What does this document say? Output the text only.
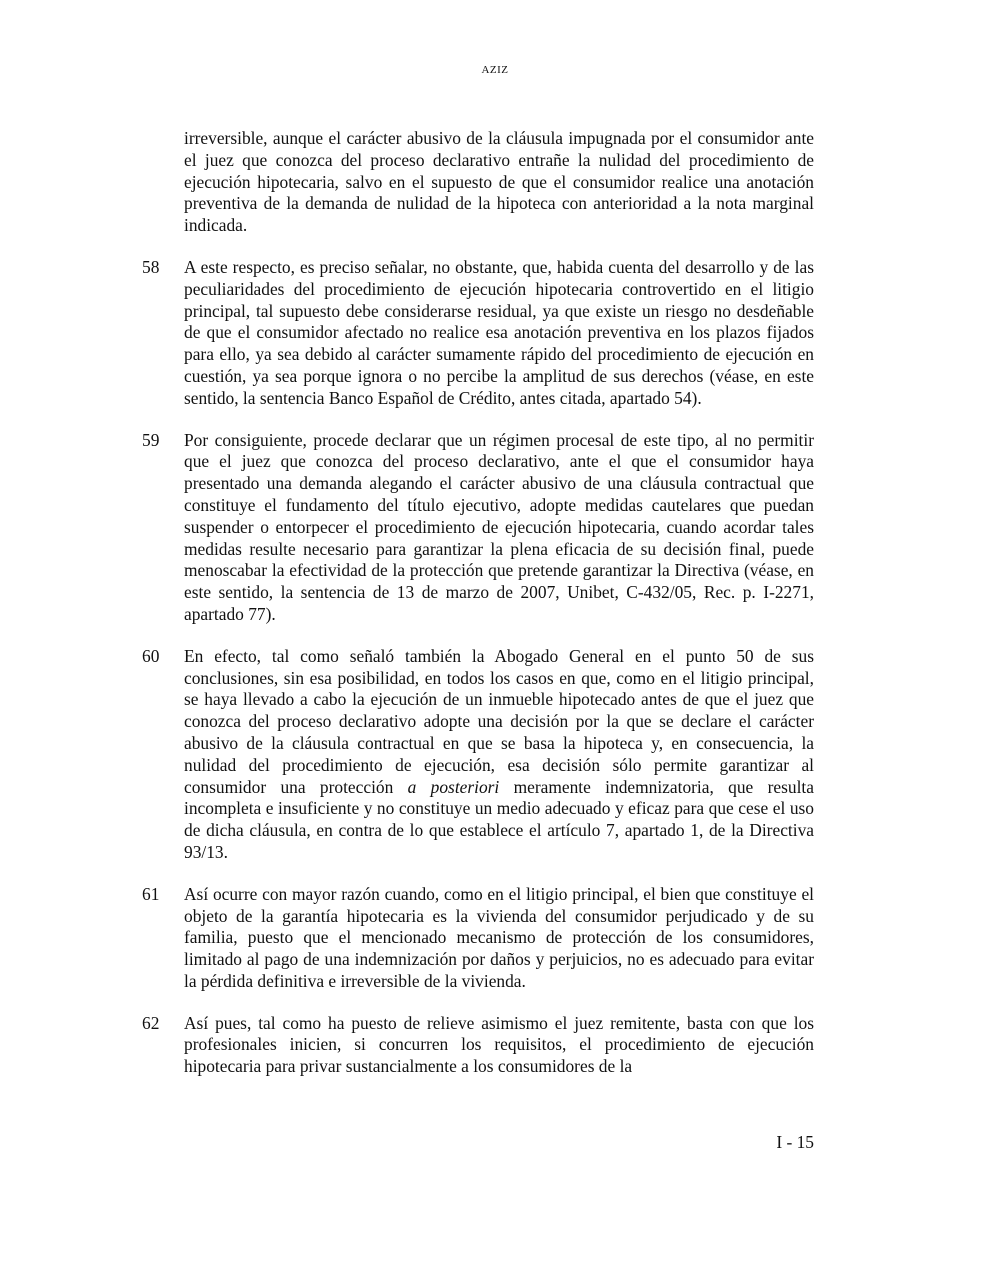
AZIZ
irreversible, aunque el carácter abusivo de la cláusula impugnada por el consumidor ante el juez que conozca del proceso declarativo entrañe la nulidad del procedimiento de ejecución hipotecaria, salvo en el supuesto de que el consumidor realice una anotación preventiva de la demanda de nulidad de la hipoteca con anterioridad a la nota marginal indicada.
58 A este respecto, es preciso señalar, no obstante, que, habida cuenta del desarrollo y de las peculiaridades del procedimiento de ejecución hipotecaria controvertido en el litigio principal, tal supuesto debe considerarse residual, ya que existe un riesgo no desdeñable de que el consumidor afectado no realice esa anotación preventiva en los plazos fijados para ello, ya sea debido al carácter sumamente rápido del procedimiento de ejecución en cuestión, ya sea porque ignora o no percibe la amplitud de sus derechos (véase, en este sentido, la sentencia Banco Español de Crédito, antes citada, apartado 54).
59 Por consiguiente, procede declarar que un régimen procesal de este tipo, al no permitir que el juez que conozca del proceso declarativo, ante el que el consumidor haya presentado una demanda alegando el carácter abusivo de una cláusula contractual que constituye el fundamento del título ejecutivo, adopte medidas cautelares que puedan suspender o entorpecer el procedimiento de ejecución hipotecaria, cuando acordar tales medidas resulte necesario para garantizar la plena eficacia de su decisión final, puede menoscabar la efectividad de la protección que pretende garantizar la Directiva (véase, en este sentido, la sentencia de 13 de marzo de 2007, Unibet, C-432/05, Rec. p. I-2271, apartado 77).
60 En efecto, tal como señaló también la Abogado General en el punto 50 de sus conclusiones, sin esa posibilidad, en todos los casos en que, como en el litigio principal, se haya llevado a cabo la ejecución de un inmueble hipotecado antes de que el juez que conozca del proceso declarativo adopte una decisión por la que se declare el carácter abusivo de la cláusula contractual en que se basa la hipoteca y, en consecuencia, la nulidad del procedimiento de ejecución, esa decisión sólo permite garantizar al consumidor una protección a posteriori meramente indemnizatoria, que resulta incompleta e insuficiente y no constituye un medio adecuado y eficaz para que cese el uso de dicha cláusula, en contra de lo que establece el artículo 7, apartado 1, de la Directiva 93/13.
61 Así ocurre con mayor razón cuando, como en el litigio principal, el bien que constituye el objeto de la garantía hipotecaria es la vivienda del consumidor perjudicado y de su familia, puesto que el mencionado mecanismo de protección de los consumidores, limitado al pago de una indemnización por daños y perjuicios, no es adecuado para evitar la pérdida definitiva e irreversible de la vivienda.
62 Así pues, tal como ha puesto de relieve asimismo el juez remitente, basta con que los profesionales inicien, si concurren los requisitos, el procedimiento de ejecución hipotecaria para privar sustancialmente a los consumidores de la
I - 15
